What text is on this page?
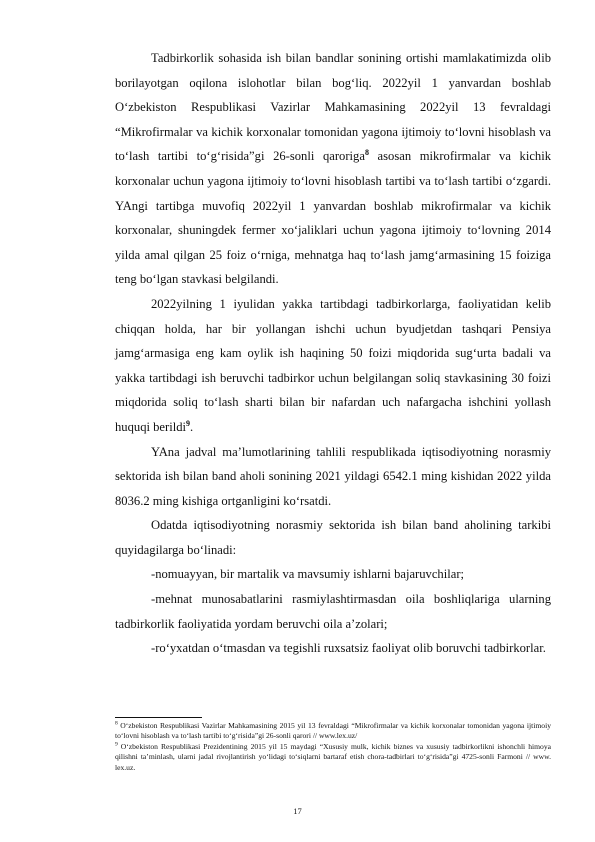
Tadbirkorlik sohasida ish bilan bandlar sonining ortishi mamlakatimizda olib borilayotgan oqilona islohotlar bilan bog‘liq. 2022yil 1 yanvardan boshlab O‘zbekiston Respublikasi Vazirlar Mahkamasining 2022yil 13 fevraldagi “Mikrofirmalar va kichik korxonalar tomonidan yagona ijtimoiy to‘lovni hisoblash va to‘lash tartibi to‘g‘risida”gi 26-sonli qaroriga$^8$ asosan mikrofirmalar va kichik korxonalar uchun yagona ijtimoiy to‘lovni hisoblash tartibi va to‘lash tartibi o‘zgardi. YAngi tartibga muvofiq 2022yil 1 yanvardan boshlab mikrofirmalar va kichik korxonalar, shuningdek fermer xo‘jaliklari uchun yagona ijtimoiy to‘lovning 2014 yilda amal qilgan 25 foiz o‘rniga, mehnatga haq to‘lash jamg‘armasining 15 foiziga teng bo‘lgan stavkasi belgilandi.

2022yilning 1 iyulidan yakka tartibdagi tadbirkorlarga, faoliyatidan kelib chiqqan holda, har bir yollangan ishchi uchun byudjetdan tashqari Pensiya jamg‘armasiga eng kam oylik ish haqining 50 foizi miqdorida sug‘urta badali va yakka tartibdagi ish beruvchi tadbirkor uchun belgilangan soliq stavkasining 30 foizi miqdorida soliq to‘lash sharti bilan bir nafardan uch nafargacha ishchini yollash huquqi berildi$^9$.

YAna jadval ma’lumotlarining tahlili respublikada iqtisodiyotning norasmiy sektorida ish bilan band aholi sonining 2021 yildagi 6542.1 ming kishidan 2022 yilda 8036.2 ming kishiga ortganligini ko‘rsatdi.

Odatda iqtisodiyotning norasmiy sektorida ish bilan band aholining tarkibi quyidagilarga bo‘linadi:

-nomuayyan, bir martalik va mavsumiy ishlarni bajaruvchilar;

-mehnat munosabatlarini rasmiylashtirmasdan oila boshliqlariga ularning tadbirkorlik faoliyatida yordam beruvchi oila a’zolari;

-ro‘yxatdan o‘tmasdan va tegishli ruxsatsiz faoliyat olib boruvchi tadbirkorlar.

$^8$ O‘zbekiston Respublikasi Vazirlar Mahkamasining 2015 yil 13 fevraldagi “Mikrofirmalar va kichik korxonalar tomonidan yagona ijtimoiy to‘lovni hisoblash va to‘lash tartibi to‘g‘risida”gi 26-sonli qarori // www.lex.uz/

$^9$ O‘zbekiston Respublikasi Prezidentining 2015 yil 15 maydagi “Xususiy mulk, kichik biznes va xususiy tadbirkorlikni ishonchli himoya qilishni ta’minlash, ularni jadal rivojlantirish yo‘lidagi to‘siqlarni bartaraf etish chora-tadbirlari to‘g‘risida”gi 4725-sonli Farmoni // www. lex.uz.

17
